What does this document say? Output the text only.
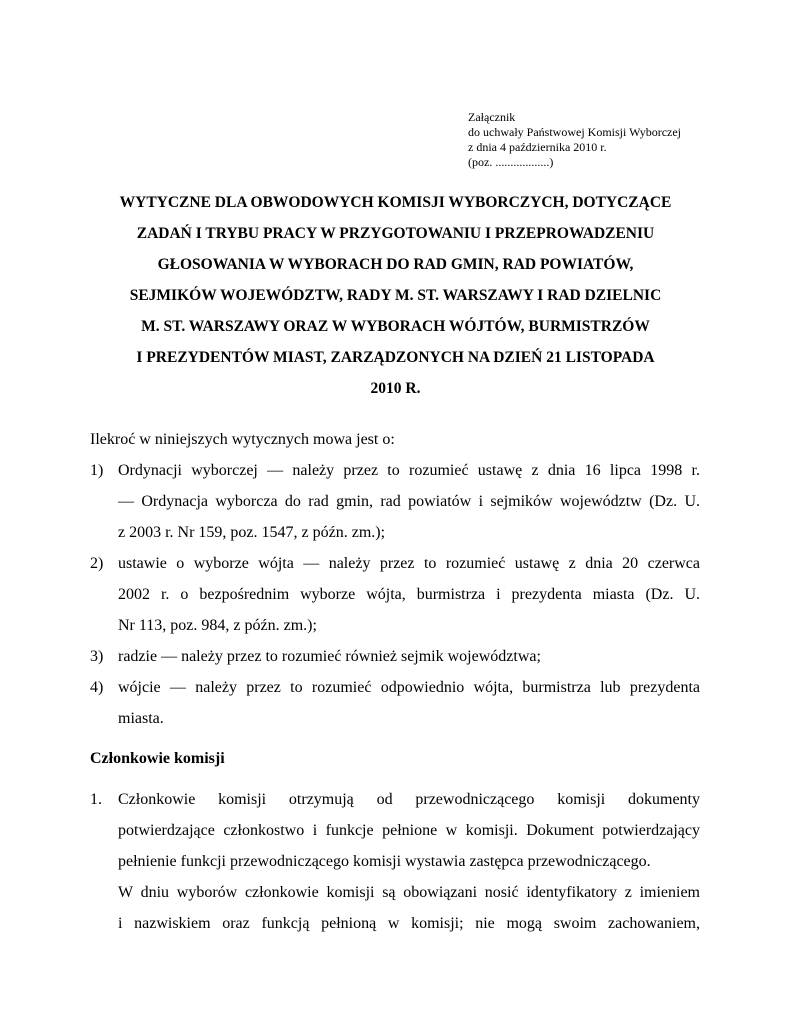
Załącznik
do uchwały Państwowej Komisji Wyborczej
z dnia 4 października 2010 r.
(poz. ..................)
WYTYCZNE DLA OBWODOWYCH KOMISJI WYBORCZYCH, DOTYCZĄCE
ZADAŃ I TRYBU PRACY W PRZYGOTOWANIU I PRZEPROWADZENIU
GŁOSOWANIA W WYBORACH DO RAD GMIN, RAD POWIATÓW,
SEJMIKÓW WOJEWÓDZTW, RADY M. ST. WARSZAWY I RAD DZIELNIC
M. ST. WARSZAWY ORAZ W WYBORACH WÓJTÓW, BURMISTRZÓW
I PREZYDENTÓW MIAST, ZARZĄDZONYCH NA DZIEŃ 21 LISTOPADA
2010 R.

Ilekroć w niniejszych wytycznych mowa jest o:

1) Ordynacji wyborczej — należy przez to rozumieć ustawę z dnia 16 lipca 1998 r.
— Ordynacja wyborcza do rad gmin, rad powiatów i sejmików województw (Dz. U.
z 2003 r. Nr 159, poz. 1547, z późn. zm.);
2) ustawie o wyborze wójta — należy przez to rozumieć ustawę z dnia 20 czerwca
2002 r. o bezpośrednim wyborze wójta, burmistrza i prezydenta miasta (Dz. U.
Nr 113, poz. 984, z późn. zm.);
3) radzie — należy przez to rozumieć również sejmik województwa;
4) wójcie — należy przez to rozumieć odpowiednio wójta, burmistrza lub prezydenta
miasta.
Członkowie komisji
1. Członkowie komisji otrzymują od przewodniczącego komisji dokumenty
potwierdzające członkostwo i funkcje pełnione w komisji. Dokument potwierdzający
pełnienie funkcji przewodniczącego komisji wystawia zastępca przewodniczącego.
W dniu wyborów członkowie komisji są obowiązani nosić identyfikatory z imieniem
i nazwiskiem oraz funkcją pełnioną w komisji; nie mogą swoim zachowaniem,
